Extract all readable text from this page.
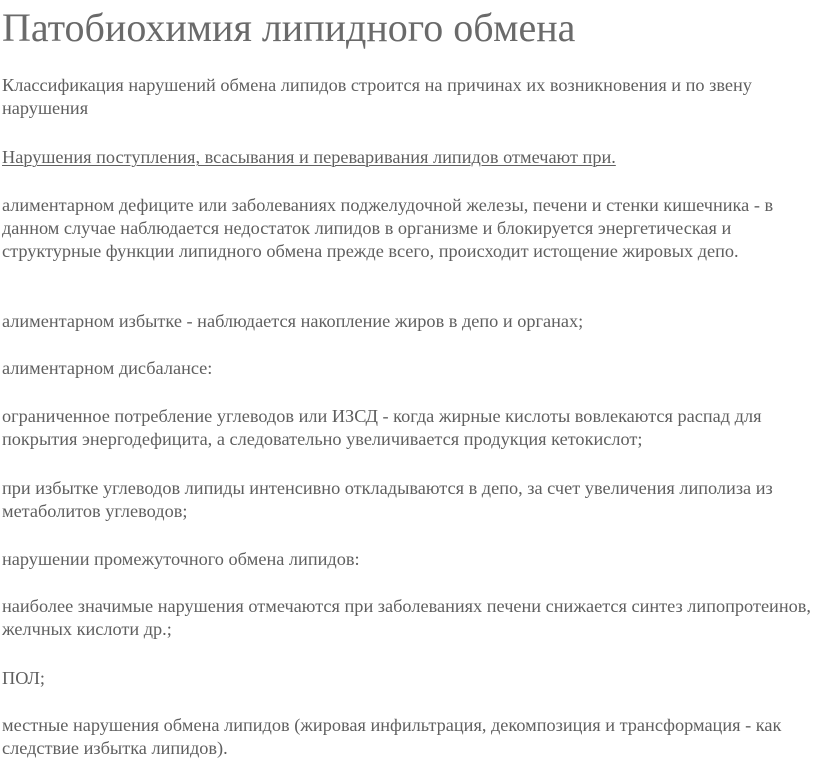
Патобиохимия липидного обмена

Классификация нарушений обмена липидов строится на причинах их возникновения и по звену нарушения

Нарушения поступления, всасывания и переваривания липидов отмечают при.

алиментарном дефиците или заболеваниях поджелудочной железы, печени и стенки кишечника - в данном случае наблюдается недостаток липидов в организме и блокируется энергетическая и структурные функции липидного обмена прежде всего, происходит истощение жировых депо.

алиментарном избытке - наблюдается накопление жиров в депо и органах;

алиментарном дисбалансе:

ограниченное потребление углеводов или ИЗСД - когда жирные кислоты вовлекаются распад для покрытия энергодефицита, а следовательно увеличивается продукция кетокислот;

при избытке углеводов липиды интенсивно откладываются в депо, за счет увеличения липолиза из метаболитов углеводов;

нарушении промежуточного обмена липидов:

наиболее значимые нарушения отмечаются при заболеваниях печени снижается синтез липопротеинов, желчных кислоти др.;

ПОЛ;

местные нарушения обмена липидов (жировая инфильтрация, декомпозиция и трансформация - как следствие избытка липидов).
